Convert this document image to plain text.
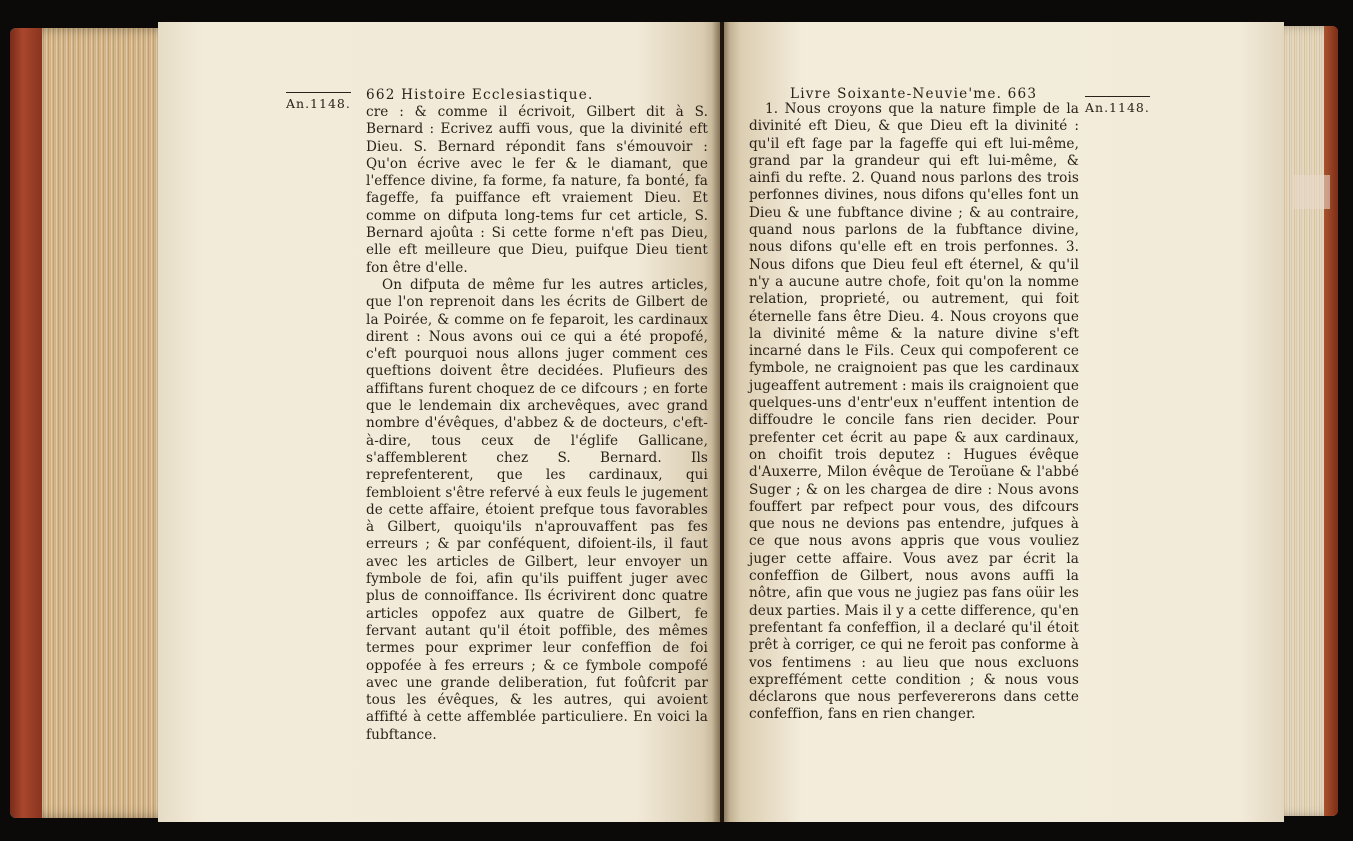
An.1148.
662 Histoire Ecclesiastique.

cre : & comme il écrivoit, Gilbert dit à S. Bernard : Ecrivez auffi vous, que la divinité eft Dieu. S. Bernard répondit fans s'émouvoir : Qu'on écrive avec le fer & le diamant, que l'effence divine, fa forme, fa nature, fa bonté, fa fageffe, fa puiffance eft vraiement Dieu. Et comme on difputa long-tems fur cet article, S. Bernard ajoûta : Si cette forme n'eft pas Dieu, elle eft meilleure que Dieu, puifque Dieu tient fon être d'elle.

On difputa de même fur les autres articles, que l'on reprenoit dans les écrits de Gilbert de la Poirée, & comme on fe feparoit, les cardinaux dirent : Nous avons oui ce qui a été propofé, c'eft pourquoi nous allons juger comment ces queftions doivent être decidées. Plufieurs des affiftans furent choquez de ce difcours ; en forte que le lendemain dix archevêques, avec grand nombre d'évêques, d'abbez & de docteurs, c'eft-à-dire, tous ceux de l'églife Gallicane, s'affemblerent chez S. Bernard. Ils reprefenterent, que les cardinaux, qui fembloient s'être refervé à eux feuls le jugement de cette affaire, étoient prefque tous favorables à Gilbert, quoiqu'ils n'aprouvaffent pas fes erreurs ; & par conféquent, difoient-ils, il faut avec les articles de Gilbert, leur envoyer un fymbole de foi, afin qu'ils puiffent juger avec plus de connoiffance. Ils écrivirent donc quatre articles oppofez aux quatre de Gilbert, fe fervant autant qu'il étoit poffible, des mêmes termes pour exprimer leur confeffion de foi oppofée à fes erreurs ; & ce fymbole compofé avec une grande deliberation, fut foûfcrit par tous les évêques, & les autres, qui avoient affifté à cette affemblée particuliere. En voici la fubftance.

Livre Soixante-Neuvie'me. 663
An.1148.

1. Nous croyons que la nature fimple de la divinité eft Dieu, & que Dieu eft la divinité : qu'il eft fage par la fageffe qui eft lui-même, grand par la grandeur qui eft lui-même, & ainfi du refte. 2. Quand nous parlons des trois perfonnes divines, nous difons qu'elles font un Dieu & une fubftance divine ; & au contraire, quand nous parlons de la fubftance divine, nous difons qu'elle eft en trois perfonnes. 3. Nous difons que Dieu feul eft éternel, & qu'il n'y a aucune autre chofe, foit qu'on la nomme relation, proprieté, ou autrement, qui foit éternelle fans être Dieu. 4. Nous croyons que la divinité même & la nature divine s'eft incarné dans le Fils. Ceux qui compoferent ce fymbole, ne craignoient pas que les cardinaux jugeaffent autrement : mais ils craignoient que quelques-uns d'entr'eux n'euffent intention de diffoudre le concile fans rien decider. Pour prefenter cet écrit au pape & aux cardinaux, on choifit trois deputez : Hugues évêque d'Auxerre, Milon évêque de Teroüane & l'abbé Suger ; & on les chargea de dire : Nous avons fouffert par refpect pour vous, des difcours que nous ne devions pas entendre, jufques à ce que nous avons appris que vous vouliez juger cette affaire. Vous avez par écrit la confeffion de Gilbert, nous avons auffi la nôtre, afin que vous ne jugiez pas fans oüir les deux parties. Mais il y a cette difference, qu'en prefentant fa confeffion, il a declaré qu'il étoit prêt à corriger, ce qui ne feroit pas conforme à vos fentimens : au lieu que nous excluons expreffément cette condition ; & nous vous déclarons que nous perfevererons dans cette confeffion, fans en rien changer.
